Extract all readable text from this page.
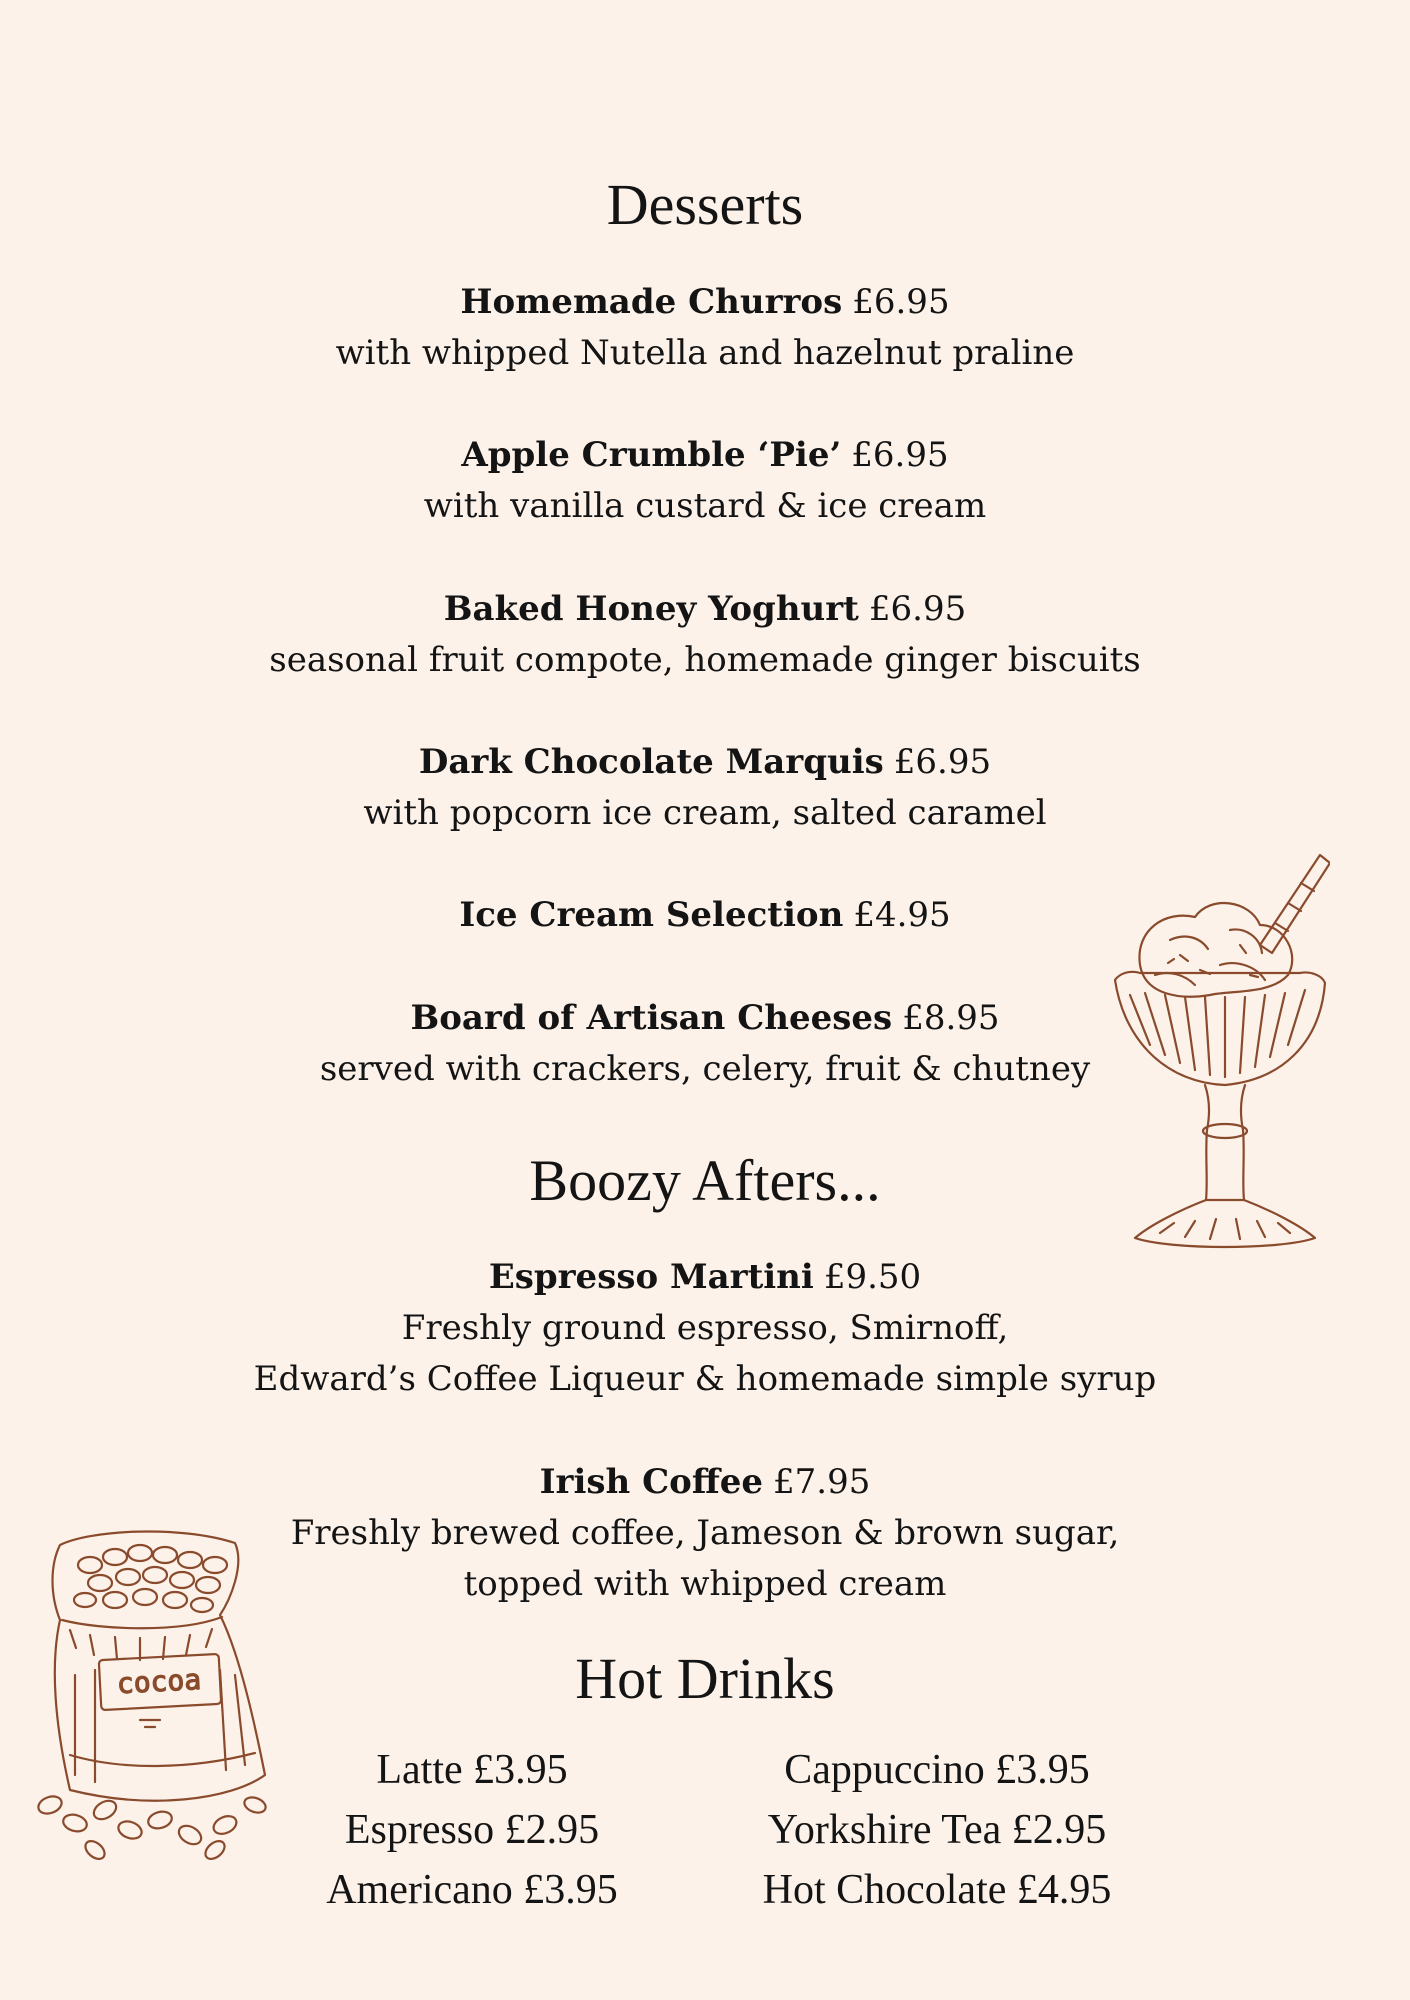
Desserts
Homemade Churros £6.95
with whipped Nutella and hazelnut praline
Apple Crumble ‘Pie’ £6.95
with vanilla custard & ice cream
Baked Honey Yoghurt £6.95
seasonal fruit compote, homemade ginger biscuits
Dark Chocolate Marquis £6.95
with popcorn ice cream, salted caramel
Ice Cream Selection £4.95
Board of Artisan Cheeses £8.95
served with crackers, celery, fruit & chutney
Boozy Afters...
Espresso Martini £9.50
Freshly ground espresso, Smirnoff,
Edward’s Coffee Liqueur & homemade simple syrup
Irish Coffee £7.95
Freshly brewed coffee, Jameson & brown sugar,
topped with whipped cream
Hot Drinks
Latte £3.95
Espresso £2.95
Americano £3.95
Cappuccino £3.95
Yorkshire Tea £2.95
Hot Chocolate £4.95
cocoa
